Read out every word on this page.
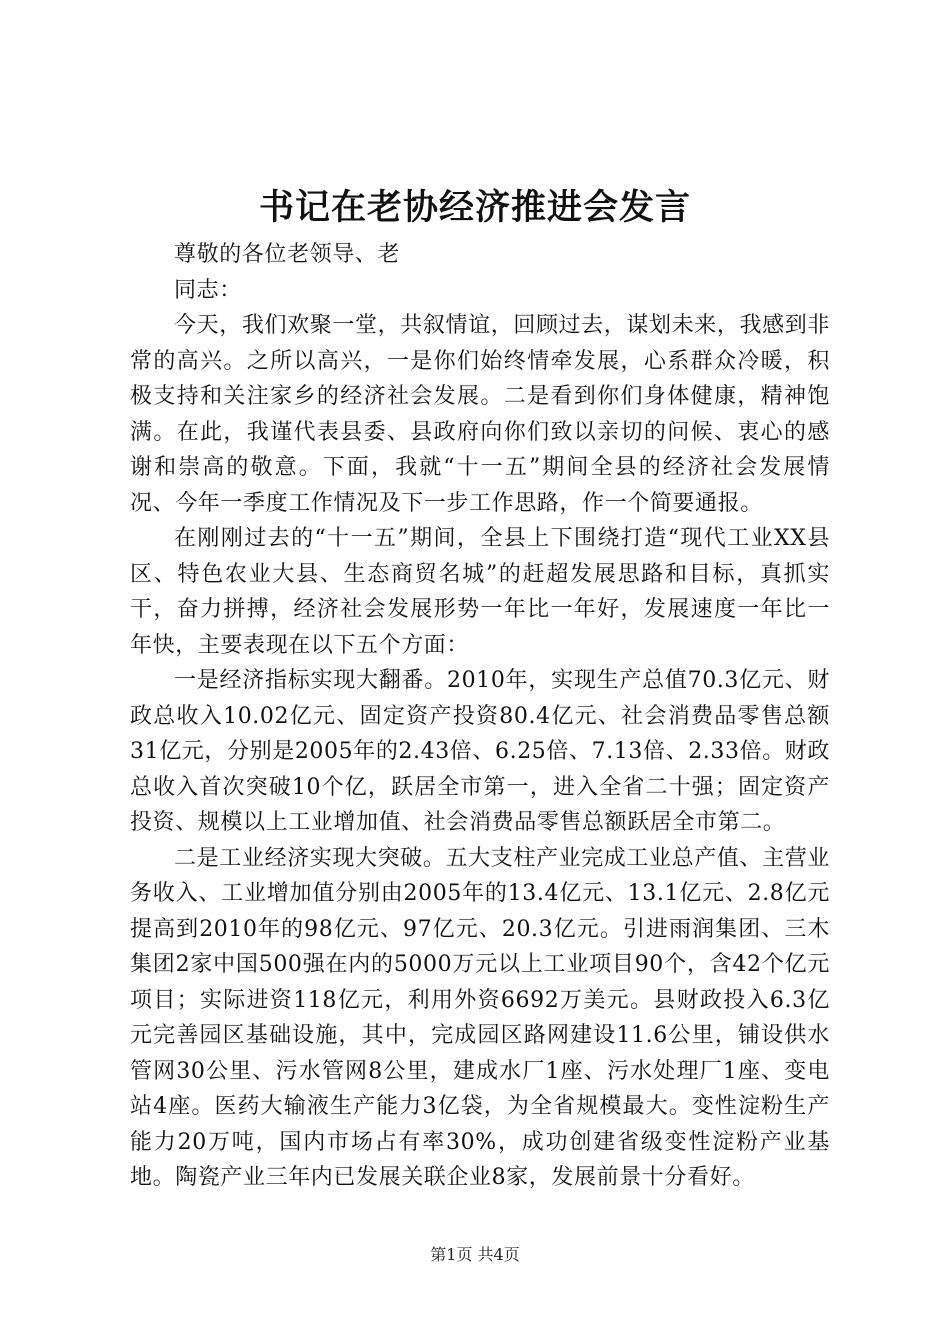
书记在老协经济推进会发言

尊敬的各位老领导、老

同志：

今天，我们欢聚一堂，共叙情谊，回顾过去，谋划未来，我感到非常的高兴。之所以高兴，一是你们始终情牵发展，心系群众冷暖，积极支持和关注家乡的经济社会发展。二是看到你们身体健康，精神饱满。在此，我谨代表县委、县政府向你们致以亲切的问候、衷心的感谢和崇高的敬意。下面，我就“十一五”期间全县的经济社会发展情况、今年一季度工作情况及下一步工作思路，作一个简要通报。

在刚刚过去的“十一五”期间，全县上下围绕打造“现代工业XX县区、特色农业大县、生态商贸名城”的赶超发展思路和目标，真抓实干，奋力拼搏，经济社会发展形势一年比一年好，发展速度一年比一年快，主要表现在以下五个方面：

一是经济指标实现大翻番。2010年，实现生产总值70.3亿元、财政总收入10.02亿元、固定资产投资80.4亿元、社会消费品零售总额31亿元，分别是2005年的2.43倍、6.25倍、7.13倍、2.33倍。财政总收入首次突破10个亿，跃居全市第一，进入全省二十强；固定资产投资、规模以上工业增加值、社会消费品零售总额跃居全市第二。

二是工业经济实现大突破。五大支柱产业完成工业总产值、主营业务收入、工业增加值分别由2005年的13.4亿元、13.1亿元、2.8亿元提高到2010年的98亿元、97亿元、20.3亿元。引进雨润集团、三木集团2家中国500强在内的5000万元以上工业项目90个，含42个亿元项目；实际进资118亿元，利用外资6692万美元。县财政投入6.3亿元完善园区基础设施，其中，完成园区路网建设11.6公里，铺设供水管网30公里、污水管网8公里，建成水厂1座、污水处理厂1座、变电站4座。医药大输液生产能力3亿袋，为全省规模最大。变性淀粉生产能力20万吨，国内市场占有率30%，成功创建省级变性淀粉产业基地。陶瓷产业三年内已发展关联企业8家，发展前景十分看好。

第1页 共4页
